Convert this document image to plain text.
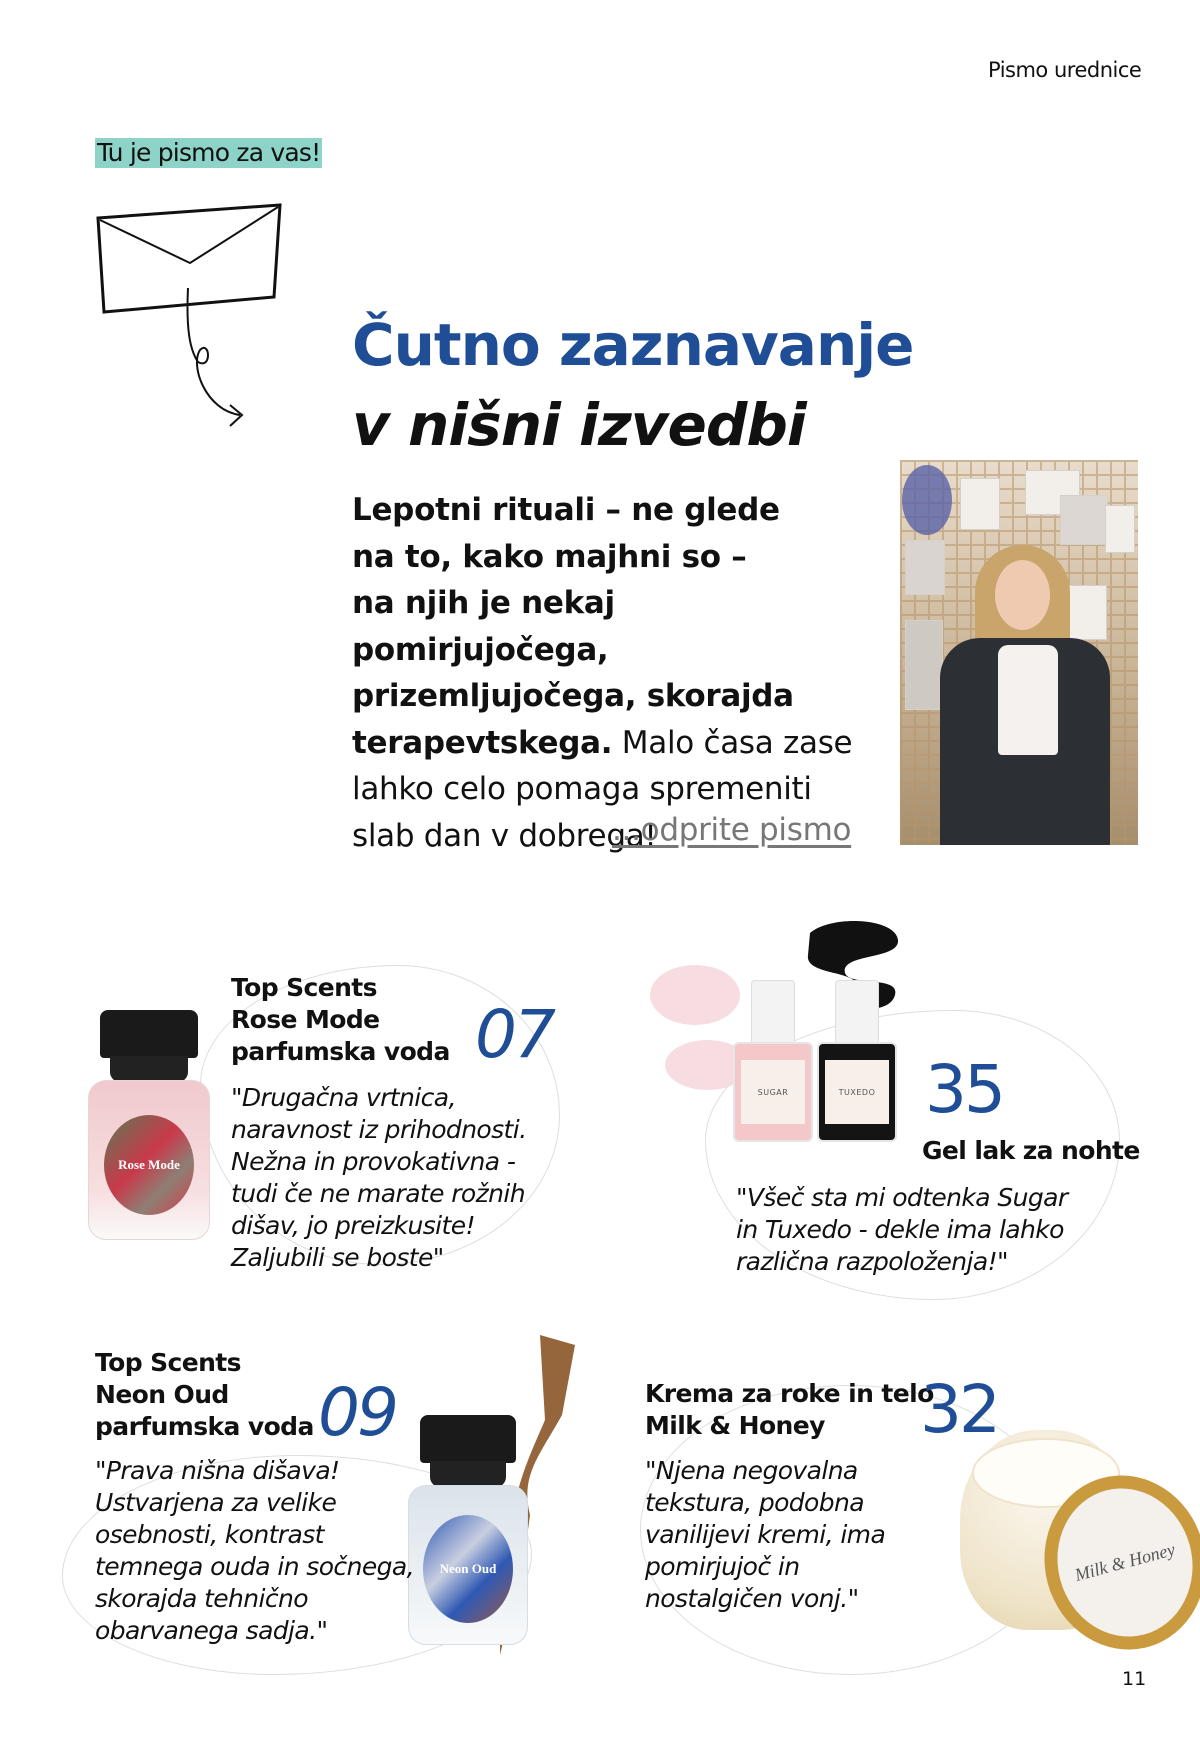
Pismo urednice
Tu je pismo za vas!
Čutno zaznavanje
v nišni izvedbi
Lepotni rituali – ne glede
na to, kako majhni so –
na njih je nekaj pomirjujočega,
prizemljujočega, skorajda
terapevtskega. Malo časa zase
lahko celo pomaga spremeniti
slab dan v dobrega!
...odprite pismo
Rose Mode
Top Scents
Rose Mode
parfumska voda 07
"Drugačna vrtnica,
naravnost iz prihodnosti.
Nežna in provokativna -
tudi če ne marate rožnih
dišav, jo preizkusite!
Zaljubili se boste"
SUGAR	TUXEDO 35
Gel lak za nohte
"Všeč sta mi odtenka Sugar
in Tuxedo - dekle ima lahko
različna razpoloženja!"
Neon Oud
Top Scents
Neon Oud
parfumska voda 09
"Prava nišna dišava!
Ustvarjena za velike
osebnosti, kontrast
temnega ouda in sočnega,
skorajda tehnično
obarvanega sadja."
Milk & Honey
Krema za roke in telo
Milk & Honey	32
"Njena negovalna
tekstura, podobna
vanilijevi kremi, ima
pomirjujoč in
nostalgičen vonj."
11
